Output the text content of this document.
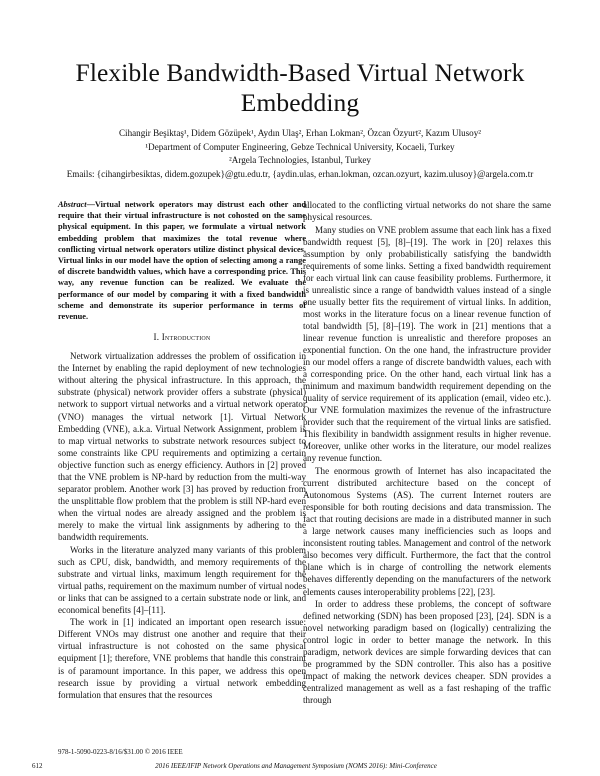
Flexible Bandwidth-Based Virtual Network Embedding
Cihangir Beşiktaş¹, Didem Gözüpek¹, Aydın Ulaş², Erhan Lokman², Özcan Özyurt², Kazım Ulusoy²
¹Department of Computer Engineering, Gebze Technical University, Kocaeli, Turkey
²Argela Technologies, Istanbul, Turkey
Emails: {cihangirbesiktas, didem.gozupek}@gtu.edu.tr, {aydin.ulas, erhan.lokman, ozcan.ozyurt, kazim.ulusoy}@argela.com.tr

Abstract—Virtual network operators may distrust each other and require that their virtual infrastructure is not cohosted on the same physical equipment. In this paper, we formulate a virtual network embedding problem that maximizes the total revenue where conflicting virtual network operators utilize distinct physical devices. Virtual links in our model have the option of selecting among a range of discrete bandwidth values, which have a corresponding price. This way, any revenue function can be realized. We evaluate the performance of our model by comparing it with a fixed bandwidth scheme and demonstrate its superior performance in terms of revenue.

I. Introduction

Network virtualization addresses the problem of ossification in the Internet by enabling the rapid deployment of new technologies without altering the physical infrastructure. In this approach, the substrate (physical) network provider offers a substrate (physical) network to support virtual networks and a virtual network operator (VNO) manages the virtual network [1]. Virtual Network Embedding (VNE), a.k.a. Virtual Network Assignment, problem is to map virtual networks to substrate network resources subject to some constraints like CPU requirements and optimizing a certain objective function such as energy efficiency. Authors in [2] proved that the VNE problem is NP-hard by reduction from the multi-way separator problem. Another work [3] has proved by reduction from the unsplittable flow problem that the problem is still NP-hard even when the virtual nodes are already assigned and the problem is merely to make the virtual link assignments by adhering to the bandwidth requirements.

Works in the literature analyzed many variants of this problem such as CPU, disk, bandwidth, and memory requirements of the substrate and virtual links, maximum length requirement for the virtual paths, requirement on the maximum number of virtual nodes or links that can be assigned to a certain substrate node or link, and economical benefits [4]–[11].

The work in [1] indicated an important open research issue: Different VNOs may distrust one another and require that their virtual infrastructure is not cohosted on the same physical equipment [1]; therefore, VNE problems that handle this constraint is of paramount importance. In this paper, we address this open research issue by providing a virtual network embedding formulation that ensures that the resources

allocated to the conflicting virtual networks do not share the same physical resources.

Many studies on VNE problem assume that each link has a fixed bandwidth request [5], [8]–[19]. The work in [20] relaxes this assumption by only probabilistically satisfying the bandwidth requirements of some links. Setting a fixed bandwidth requirement for each virtual link can cause feasibility problems. Furthermore, it is unrealistic since a range of bandwidth values instead of a single one usually better fits the requirement of virtual links. In addition, most works in the literature focus on a linear revenue function of total bandwidth [5], [8]–[19]. The work in [21] mentions that a linear revenue function is unrealistic and therefore proposes an exponential function. On the one hand, the infrastructure provider in our model offers a range of discrete bandwidth values, each with a corresponding price. On the other hand, each virtual link has a minimum and maximum bandwidth requirement depending on the quality of service requirement of its application (email, video etc.). Our VNE formulation maximizes the revenue of the infrastructure provider such that the requirement of the virtual links are satisfied. This flexibility in bandwidth assignment results in higher revenue. Moreover, unlike other works in the literature, our model realizes any revenue function.

The enormous growth of Internet has also incapacitated the current distributed architecture based on the concept of Autonomous Systems (AS). The current Internet routers are responsible for both routing decisions and data transmission. The fact that routing decisions are made in a distributed manner in such a large network causes many inefficiencies such as loops and inconsistent routing tables. Management and control of the network also becomes very difficult. Furthermore, the fact that the control plane which is in charge of controlling the network elements behaves differently depending on the manufacturers of the network elements causes interoperability problems [22], [23].

In order to address these problems, the concept of software defined networking (SDN) has been proposed [23], [24]. SDN is a novel networking paradigm based on (logically) centralizing the control logic in order to better manage the network. In this paradigm, network devices are simple forwarding devices that can be programmed by the SDN controller. This also has a positive impact of making the network devices cheaper. SDN provides a centralized management as well as a fast reshaping of the traffic through

978-1-5090-0223-8/16/$31.00 © 2016 IEEE
612	2016 IEEE/IFIP Network Operations and Management Symposium (NOMS 2016): Mini-Conference
